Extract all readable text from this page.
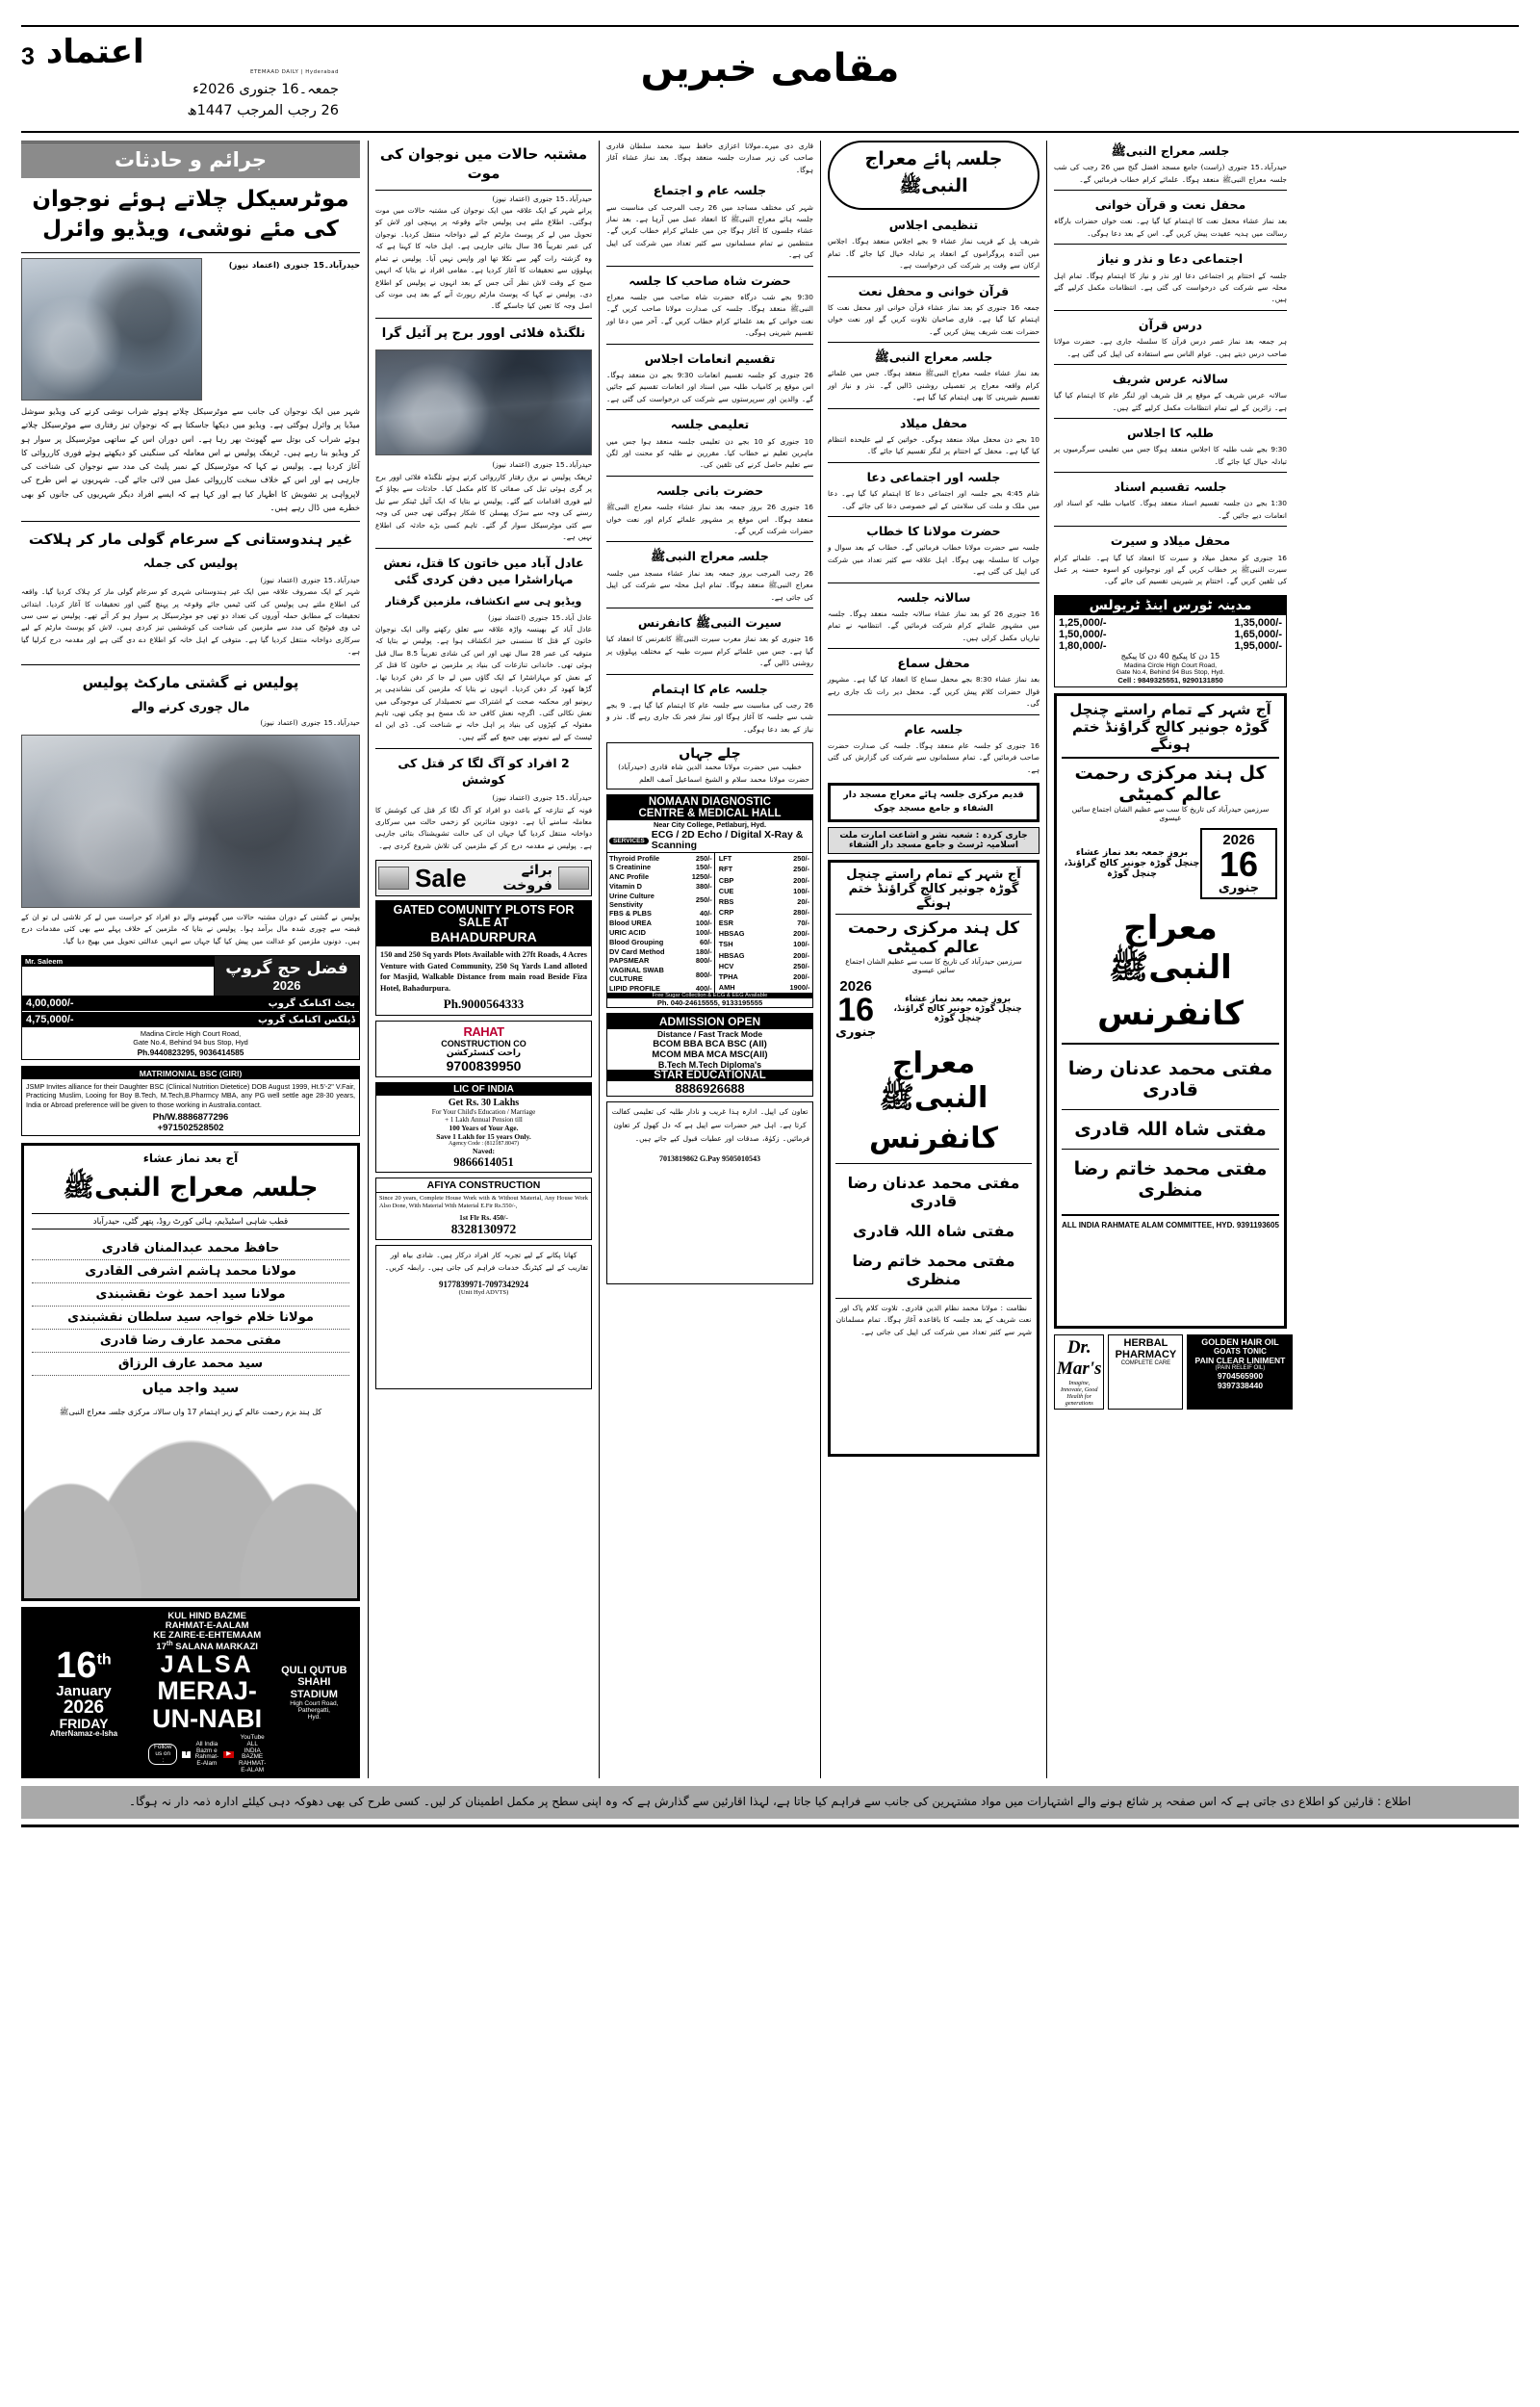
اعتماد
3
ETEMAAD DAILY | Hyderabad
جمعہ۔16 جنوری 2026ء
26 رجب المرجب 1447ھ
مقامی خبریں
جرائم و حادثات
موٹرسیکل چلاتے ہوئے نوجوان کی مئے نوشی، ویڈیو وائرل
حیدرآباد۔15 جنوری (اعتماد نیوز)
شہر میں ایک نوجوان کی جانب سے موٹرسیکل چلاتے ہوئے شراب نوشی کرنے کی ویڈیو سوشل میڈیا پر وائرل ہوگئی ہے۔ ویڈیو میں دیکھا جاسکتا ہے کہ نوجوان تیز رفتاری سے موٹرسیکل چلاتے ہوئے شراب کی بوتل سے گھونٹ بھر رہا ہے۔ اس دوران اس کے ساتھی موٹرسیکل پر سوار ہو کر ویڈیو بنا رہے ہیں۔ ٹریفک پولیس نے اس معاملہ کی سنگینی کو دیکھتے ہوئے فوری کارروائی کا آغاز کردیا ہے۔ پولیس نے کہا کہ موٹرسیکل کے نمبر پلیٹ کی مدد سے نوجوان کی شناخت کی جارہی ہے اور اس کے خلاف سخت کارروائی عمل میں لائی جائے گی۔ شہریوں نے اس طرح کی لاپرواہی پر تشویش کا اظہار کیا ہے اور کہا ہے کہ ایسے افراد دیگر شہریوں کی جانوں کو بھی خطرے میں ڈال رہے ہیں۔
غیر ہندوستانی کے سرعام گولی مار کر ہلاکت
پولیس کی جملہ
حیدرآباد۔15 جنوری (اعتماد نیوز)
شہر کے ایک مصروف علاقہ میں ایک غیر ہندوستانی شہری کو سرعام گولی مار کر ہلاک کردیا گیا۔ واقعہ کی اطلاع ملتے ہی پولیس کی کئی ٹیمیں جائے وقوعہ پر پہنچ گئیں اور تحقیقات کا آغاز کردیا۔ ابتدائی تحقیقات کے مطابق حملہ آوروں کی تعداد دو تھی جو موٹرسیکل پر سوار ہو کر آئے تھے۔ پولیس نے سی سی ٹی وی فوٹیج کی مدد سے ملزمین کی شناخت کی کوششیں تیز کردی ہیں۔ لاش کو پوسٹ مارٹم کے لیے سرکاری دواخانہ منتقل کردیا گیا ہے۔ متوفی کے اہل خانہ کو اطلاع دے دی گئی ہے اور مقدمہ درج کرلیا گیا ہے۔
پولیس نے گشتی مارکٹ پولیس
مال چوری کرنے والے
حیدرآباد۔15 جنوری (اعتماد نیوز)
پولیس نے گشتی کے دوران مشتبہ حالات میں گھومنے والے دو افراد کو حراست میں لے کر تلاشی لی تو ان کے قبضہ سے چوری شدہ مال برآمد ہوا۔ پولیس نے بتایا کہ ملزمین کے خلاف پہلے سے بھی کئی مقدمات درج ہیں۔ دونوں ملزمین کو عدالت میں پیش کیا گیا جہاں سے انہیں عدالتی تحویل میں بھیج دیا گیا۔
Mr. Saleem	فضل حج گروپ
2026
4,00,000/-	بجٹ اکنامک گروپ
4,75,000/-	ڈیلکس اکنامک گروپ
Madina Circle High Court Road,
Gate No.4, Behind 94 bus Stop, Hyd
Ph.9440823295, 9036414585
MATRIMONIAL BSC (GIRl)
JSMP Invites alliance for their Daughter BSC (Clinical Nutrition Dietetice) DOB August 1999, Ht.5'-2" V.Fair, Practicing Muslim, Looing for Boy B.Tech, M.Tech,B.Pharmcy MBA, any PG well settle age 28-30 years, India or Abroad preference will be given to those working in Australia.contact.
Ph/W.8886877296
+971502528502
آج بعد نماز عشاء
جلسہ معراج النبیﷺ
قطب شاہی اسٹیڈیم، ہائی کورٹ روڈ، پتھر گٹی، حیدرآباد
حافظ محمد عبدالمنان قادری
مولانا محمد ہاشم اشرفی القادری
مولانا سید احمد غوث نقشبندی
مولانا خلام خواجہ سید سلطان نقشبندی
مفتی محمد عارف رضا قادری
سید محمد عارف الرزاق
سید واجد میاں
کل ہند بزم رحمت عالم کے زیر اہتمام 17 واں سالانہ مرکزی جلسہ معراج النبیﷺ
16th
January
2026
FRIDAY
AfterNamaz-e-Isha
KUL HIND BAZME RAHMAT-E-AALAM
KE ZAIRE-E-EHTEMAAM 17th SALANA MARKAZI
JALSA
MERAJ-UN-NABI
Follow us on :
f
All India Bazm e Rahmat-E-Alam
▶
YouTube ALL INDIA BAZME RAHMAT-E-ALAM
QULI QUTUB
SHAHI
STADIUM
High Court Road,
Pathergatti,
Hyd.
مشتبہ حالات میں نوجوان کی موت
حیدرآباد۔15 جنوری (اعتماد نیوز)
پرانے شہر کے ایک علاقہ میں ایک نوجوان کی مشتبہ حالات میں موت ہوگئی۔ اطلاع ملتے ہی پولیس جائے وقوعہ پر پہنچی اور لاش کو تحویل میں لے کر پوسٹ مارٹم کے لیے دواخانہ منتقل کردیا۔ نوجوان کی عمر تقریباً 36 سال بتائی جارہی ہے۔ اہل خانہ کا کہنا ہے کہ وہ گزشتہ رات گھر سے نکلا تھا اور واپس نہیں آیا۔ پولیس نے تمام پہلوؤں سے تحقیقات کا آغاز کردیا ہے۔ مقامی افراد نے بتایا کہ انہیں صبح کے وقت لاش نظر آئی جس کے بعد انہوں نے پولیس کو اطلاع دی۔ پولیس نے کہا کہ پوسٹ مارٹم رپورٹ آنے کے بعد ہی موت کی اصل وجہ کا تعین کیا جاسکے گا۔
نلگنڈہ فلائی اوور برج پر آئیل گرا
حیدرآباد۔15 جنوری (اعتماد نیوز)
ٹریفک پولیس نے برق رفتار کارروائی کرتے ہوئے نلگنڈہ فلائی اوور برج پر گری ہوئی تیل کی صفائی کا کام مکمل کیا۔ حادثات سے بچاؤ کے لیے فوری اقدامات کیے گئے۔ پولیس نے بتایا کہ ایک آئیل ٹینکر سے تیل رسنے کی وجہ سے سڑک پھسلن کا شکار ہوگئی تھی جس کی وجہ سے کئی موٹرسیکل سوار گر گئے۔ تاہم کسی بڑے حادثہ کی اطلاع نہیں ہے۔
عادل آباد میں خاتون کا قتل، نعش مہاراشٹرا میں دفن کردی گئی
ویڈیو ہی سے انکشاف، ملزمین گرفتار
عادل آباد۔15 جنوری (اعتماد نیوز)
عادل آباد کے بھینسہ واڑہ علاقہ سے تعلق رکھنے والی ایک نوجوان خاتون کے قتل کا سنسنی خیز انکشاف ہوا ہے۔ پولیس نے بتایا کہ متوفیہ کی عمر 28 سال تھی اور اس کی شادی تقریباً 8.5 سال قبل ہوئی تھی۔ خاندانی تنازعات کی بنیاد پر ملزمین نے خاتون کا قتل کر کے نعش کو مہاراشٹرا کے ایک گاؤں میں لے جا کر دفن کردیا تھا۔ گڑھا کھود کر دفن کردیا۔ انہوں نے بتایا کہ ملزمین کی نشاندہی پر ریونیو اور محکمہ صحت کے اشتراک سے تحصیلدار کی موجودگی میں نعش نکالی گئی۔ اگرچہ نعش کافی حد تک مسخ ہو چکی تھی، تاہم مقتولہ کے کپڑوں کی بنیاد پر اہل خانہ نے شناخت کی۔ ڈی این اے ٹیسٹ کے لیے نمونے بھی جمع کیے گئے ہیں۔
2 افراد کو آگ لگا کر قتل کی کوشش
حیدرآباد۔15 جنوری (اعتماد نیوز)
فونہ کے تنازعہ کے باعث دو افراد کو آگ لگا کر قتل کی کوشش کا معاملہ سامنے آیا ہے۔ دونوں متاثرین کو زخمی حالت میں سرکاری دواخانہ منتقل کردیا گیا جہاں ان کی حالت تشویشناک بتائی جارہی ہے۔ پولیس نے مقدمہ درج کر کے ملزمین کی تلاش شروع کردی ہے۔
Sale	برائے فروخت
GATED COMUNITY PLOTS FOR SALE AT
BAHADURPURA
150 and 250 Sq yards Plots Available with 27ft Roads, 4 Acres Venture with Gated Community, 250 Sq Yards Land alloted for Masjid, Walkable Distance from main road Beside Fiza Hotel, Bahadurpura.
Ph.9000564333
RAHAT
CONSTRUCTION CO
راحت کنسٹرکشن
9700839950
LIC OF INDIA
Get Rs. 30 Lakhs
For Your Child's Education / Marriage
+ 1 Lakh Annual Pension till
100 Years of Your Age.
Save 1 Lakh for 15 years Only.
Agency Code : (812187.8047)
Naved:
9866614051
AFIYA CONSTRUCTION
Since 20 years, Complete House Work with & Without Material, Any House Work Also Done, With Material With Material E.Fir Rs.550/-,
1st Flr Rs. 450/-
8328130972
کھانا پکانے کے لیے تجربہ کار افراد درکار ہیں۔ شادی بیاہ اور تقاریب کے لیے کیٹرنگ خدمات فراہم کی جاتی ہیں۔ رابطہ کریں۔
9177839971-7097342924
(Unit Hyd ADVTS)
قاری دی میرے۔مولانا اعزازی حافظ سید محمد سلطان قادری صاحب کی زیر صدارت جلسہ منعقد ہوگا۔ بعد نماز عشاء آغاز ہوگا۔
جلسہ عام و اجتماع
شہر کی مختلف مساجد میں 26 رجب المرجب کی مناسبت سے جلسہ ہائے معراج النبیﷺ کا انعقاد عمل میں آرہا ہے۔ بعد نماز عشاء جلسوں کا آغاز ہوگا جن میں علمائے کرام خطاب کریں گے۔ منتظمین نے تمام مسلمانوں سے کثیر تعداد میں شرکت کی اپیل کی ہے۔
حضرت شاہ صاحب کا جلسہ
9:30 بجے شب درگاہ حضرت شاہ صاحب میں جلسہ معراج النبیﷺ منعقد ہوگا۔ جلسہ کی صدارت مولانا صاحب کریں گے۔ نعت خوانی کے بعد علمائے کرام خطاب کریں گے۔ آخر میں دعا اور تقسیم شیرینی ہوگی۔
تقسیم انعامات اجلاس
26 جنوری کو جلسہ تقسیم انعامات 9:30 بجے دن منعقد ہوگا۔ اس موقع پر کامیاب طلبہ میں اسناد اور انعامات تقسیم کیے جائیں گے۔ والدین اور سرپرستوں سے شرکت کی درخواست کی گئی ہے۔
تعلیمی جلسہ
10 جنوری کو 10 بجے دن تعلیمی جلسہ منعقد ہوا جس میں ماہرین تعلیم نے خطاب کیا۔ مقررین نے طلبہ کو محنت اور لگن سے تعلیم حاصل کرنے کی تلقین کی۔
حضرت بانی جلسہ
16 جنوری 26 بروز جمعہ بعد نماز عشاء جلسہ معراج النبیﷺ منعقد ہوگا۔ اس موقع پر مشہور علمائے کرام اور نعت خواں حضرات شرکت کریں گے۔
جلسہ معراج النبیﷺ
26 رجب المرجب بروز جمعہ بعد نماز عشاء مسجد میں جلسہ معراج النبیﷺ منعقد ہوگا۔ تمام اہل محلہ سے شرکت کی اپیل کی جاتی ہے۔
سیرت النبیﷺ کانفرنس
16 جنوری کو بعد نماز مغرب سیرت النبیﷺ کانفرنس کا انعقاد کیا گیا ہے۔ جس میں علمائے کرام سیرت طیبہ کے مختلف پہلوؤں پر روشنی ڈالیں گے۔
جلسہ عام کا اہتمام
26 رجب کی مناسبت سے جلسہ عام کا اہتمام کیا گیا ہے۔ 9 بجے شب سے جلسہ کا آغاز ہوگا اور نماز فجر تک جاری رہے گا۔ نذر و نیاز کے بعد دعا ہوگی۔
چلے جہاں
خطیب میں حضرت مولانا محمد الدین شاہ قادری (حیدرآباد) حضرت مولانا محمد سلام و الشیخ اسماعیل آصف العلم
NOMAAN DIAGNOSTIC
CENTRE & MEDICAL HALL
Near City College, Petlaburj, Hyd.
SERVICES
ECG / 2D Echo / Digital X-Ray & Scanning
Thyroid Profile	250/-
S Creatinine	150/-
ANC Profile	1250/-
Vitamin D	380/-
Urine Culture Senstivity	250/-
FBS & PLBS	40/-
Blood UREA	100/-
URIC ACID	100/-
Blood Grouping	60/-
DV Card Method	180/-
PAPSMEAR	800/-
VAGINAL SWAB CULTURE	800/-
LIPID PROFILE	400/-
LFT	250/-
RFT	250/-
CBP	200/-
CUE	100/-
RBS	20/-
CRP	280/-
ESR	70/-
HBSAG	200/-
TSH	100/-
HBSAG	200/-
HCV	250/-
TPHA	200/-
AMH	1900/-
Free Sugar Collection & ECG & EEG Available
Ph. 040-24615555, 9133195555
ADMISSION OPEN
Distance / Fast Track Mode
BCOM BBA BCA BSC (All)
MCOM MBA MCA MSC(All)
B.Tech M.Tech Diploma's
STAR EDUCATIONAL
8886926688
تعاون کی اپیل۔ ادارہ ہذا غریب و نادار طلبہ کی تعلیمی کفالت کرتا ہے۔ اہل خیر حضرات سے اپیل ہے کہ دل کھول کر تعاون فرمائیں۔ زکوٰۃ، صدقات اور عطیات قبول کیے جاتے ہیں۔
7013819862 G.Pay 9505010543
جلسہ ہائے معراج النبیﷺ
تنظیمی اجلاس
شریف پل کے قریب نماز عشاء 9 بجے اجلاس منعقد ہوگا۔ اجلاس میں آئندہ پروگراموں کے انعقاد پر تبادلہ خیال کیا جائے گا۔ تمام ارکان سے وقت پر شرکت کی درخواست ہے۔
قرآن خوانی و محفل نعت
جمعہ 16 جنوری کو بعد نماز عشاء قرآن خوانی اور محفل نعت کا اہتمام کیا گیا ہے۔ قاری صاحبان تلاوت کریں گے اور نعت خواں حضرات نعت شریف پیش کریں گے۔
جلسہ معراج النبیﷺ
بعد نماز عشاء جلسہ معراج النبیﷺ منعقد ہوگا۔ جس میں علمائے کرام واقعہ معراج پر تفصیلی روشنی ڈالیں گے۔ نذر و نیاز اور تقسیم شیرینی کا بھی اہتمام کیا گیا ہے۔
محفل میلاد
10 بجے دن محفل میلاد منعقد ہوگی۔ خواتین کے لیے علیحدہ انتظام کیا گیا ہے۔ محفل کے اختتام پر لنگر تقسیم کیا جائے گا۔
جلسہ اور اجتماعی دعا
شام 4:45 بجے جلسہ اور اجتماعی دعا کا اہتمام کیا گیا ہے۔ دعا میں ملک و ملت کی سلامتی کے لیے خصوصی دعا کی جائے گی۔
حضرت مولانا کا خطاب
جلسہ سے حضرت مولانا خطاب فرمائیں گے۔ خطاب کے بعد سوال و جواب کا سلسلہ بھی ہوگا۔ اہل علاقہ سے کثیر تعداد میں شرکت کی اپیل کی گئی ہے۔
سالانہ جلسہ
16 جنوری 26 کو بعد نماز عشاء سالانہ جلسہ منعقد ہوگا۔ جلسہ میں مشہور علمائے کرام شرکت فرمائیں گے۔ انتظامیہ نے تمام تیاریاں مکمل کرلی ہیں۔
محفل سماع
بعد نماز عشاء 8:30 بجے محفل سماع کا انعقاد کیا گیا ہے۔ مشہور قوال حضرات کلام پیش کریں گے۔ محفل دیر رات تک جاری رہے گی۔
جلسہ عام
16 جنوری کو جلسہ عام منعقد ہوگا۔ جلسہ کی صدارت حضرت صاحب فرمائیں گے۔ تمام مسلمانوں سے شرکت کی گزارش کی گئی ہے۔
قدیم مرکزی جلسہ ہائے معراج مسجد دار الشفاء و جامع مسجد چوک
جاری کردہ : شعبہ نشر و اشاعت امارت ملت
اسلامیہ ٹرسٹ و جامع مسجد دار الشفاء
آج شہر کے تمام راستے چنچل گوڑہ جونیر کالج گراؤنڈ ختم ہونگے
کل ہند مرکزی رحمت عالم کمیٹی
سرزمین حیدرآباد کی تاریخ کا سب سے عظیم الشان اجتماع سائیں عیسوی
2026
16
جنوری
بروز جمعہ بعد نماز عشاء
چنچل گوڑہ جونیر کالج گراؤنڈ، چنچل گوڑہ
معراج النبیﷺ کانفرنس
مفتی محمد عدنان رضا قادری
مفتی شاہ اللہ قادری
مفتی محمد خاتم رضا منظری
نظامت : مولانا محمد نظام الدین قادری۔ تلاوت کلام پاک اور نعت شریف کے بعد جلسہ کا باقاعدہ آغاز ہوگا۔ تمام مسلمانان شہر سے کثیر تعداد میں شرکت کی اپیل کی جاتی ہے۔
جلسہ معراج النبیﷺ
حیدرآباد۔15 جنوری (راست) جامع مسجد افضل گنج میں 26 رجب کی شب جلسہ معراج النبیﷺ منعقد ہوگا۔ علمائے کرام خطاب فرمائیں گے۔
محفل نعت و قرآن خوانی
بعد نماز عشاء محفل نعت کا اہتمام کیا گیا ہے۔ نعت خواں حضرات بارگاہ رسالت میں ہدیہ عقیدت پیش کریں گے۔ اس کے بعد دعا ہوگی۔
اجتماعی دعا و نذر و نیاز
جلسہ کے اختتام پر اجتماعی دعا اور نذر و نیاز کا اہتمام ہوگا۔ تمام اہل محلہ سے شرکت کی درخواست کی گئی ہے۔ انتظامات مکمل کرلیے گئے ہیں۔
درس قرآن
ہر جمعہ بعد نماز عصر درس قرآن کا سلسلہ جاری ہے۔ حضرت مولانا صاحب درس دیتے ہیں۔ عوام الناس سے استفادہ کی اپیل کی گئی ہے۔
سالانہ عرس شریف
سالانہ عرس شریف کے موقع پر قل شریف اور لنگر عام کا اہتمام کیا گیا ہے۔ زائرین کے لیے تمام انتظامات مکمل کرلیے گئے ہیں۔
طلبہ کا اجلاس
9:30 بجے شب طلبہ کا اجلاس منعقد ہوگا جس میں تعلیمی سرگرمیوں پر تبادلہ خیال کیا جائے گا۔
جلسہ تقسیم اسناد
1:30 بجے دن جلسہ تقسیم اسناد منعقد ہوگا۔ کامیاب طلبہ کو اسناد اور انعامات دیے جائیں گے۔
محفل میلاد و سیرت
16 جنوری کو محفل میلاد و سیرت کا انعقاد کیا گیا ہے۔ علمائے کرام سیرت النبیﷺ پر خطاب کریں گے اور نوجوانوں کو اسوہ حسنہ پر عمل کی تلقین کریں گے۔ اختتام پر شیرینی تقسیم کی جائے گی۔
مدینہ ٹورس اینڈ ٹریولس
1,25,000/-	1,35,000/-
1,50,000/-	1,65,000/-
1,80,000/-	1,95,000/-
15 دن کا پیکیج 40 دن کا پیکیج
Madina Circle High Court Road,
Gate No.4, Behind 94 Bus Stop, Hyd.
Cell : 9849325551, 9290131850
آج شہر کے تمام راستے چنچل گوڑہ جونیر کالج گراؤنڈ ختم ہونگے
کل ہند مرکزی رحمت عالم کمیٹی
سرزمین حیدرآباد کی تاریخ کا سب سے عظیم الشان اجتماع سائیں عیسوی
بروز جمعہ بعد نماز عشاء
چنچل گوڑہ جونیر کالج گراؤنڈ، چنچل گوڑہ
2026
16
جنوری
معراج النبیﷺ کانفرنس
مفتی محمد عدنان رضا قادری
مفتی شاہ اللہ قادری
مفتی محمد خاتم رضا منظری
ALL INDIA RAHMATE ALAM COMMITTEE, HYD. 9391193605
Dr. Mar's
Imagine, Innovate, Good Health for generations
HERBAL
PHARMACY
COMPLETE CARE
GOLDEN HAIR OIL
GOATS TONIC
PAIN CLEAR LINIMENT
(PAIN RELEIF OIL)
9704565900
9397338440
اطلاع : قارئین کو اطلاع دی جاتی ہے کہ اس صفحہ پر شائع ہونے والے اشتہارات میں مواد مشتہرین کی جانب سے فراہم کیا جاتا ہے، لہذا اقارئین سے گذارش ہے کہ وہ اپنی سطح پر مکمل اطمینان کر لیں۔ کسی طرح کی بھی دھوکہ دہی کیلئے ادارہ ذمہ دار نہ ہوگا۔
